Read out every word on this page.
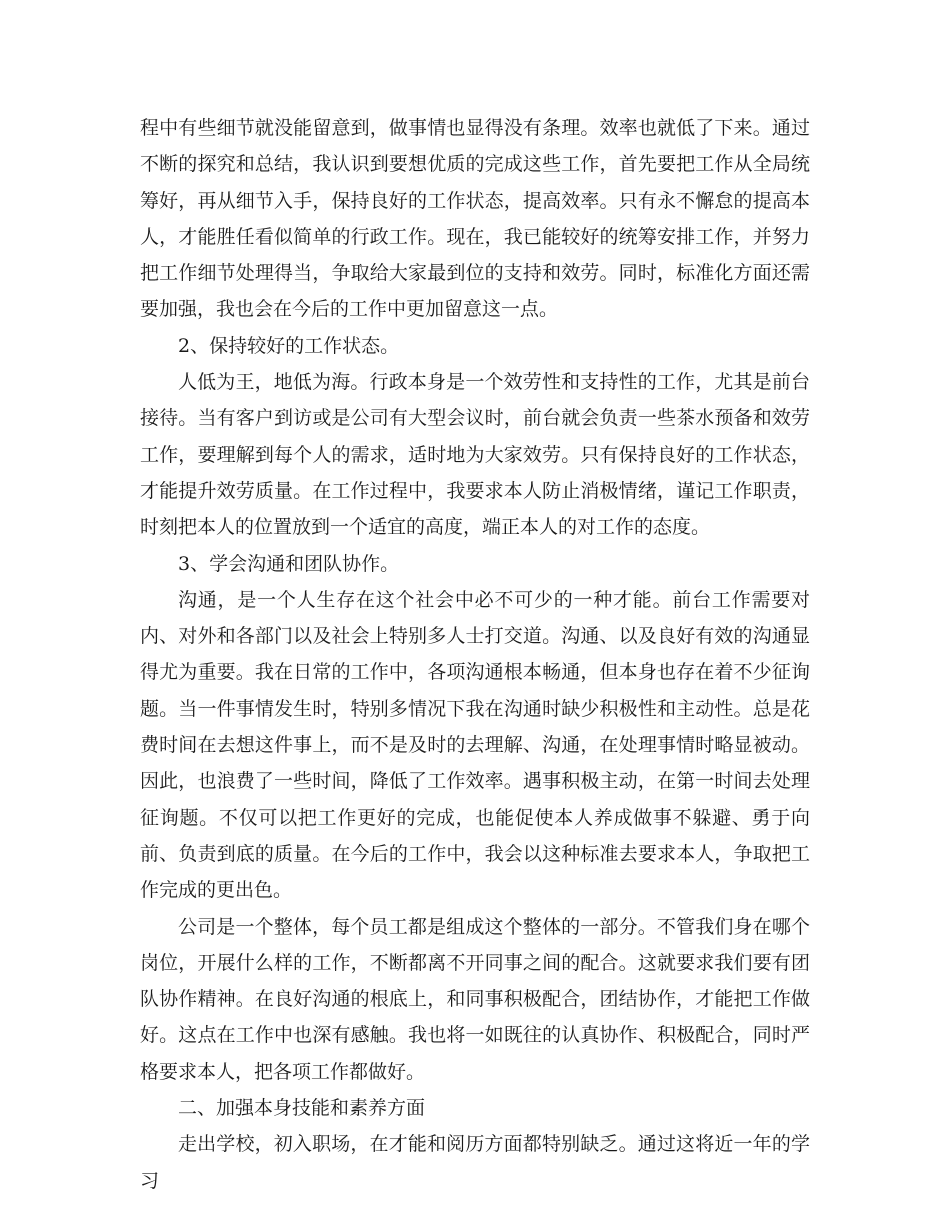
程中有些细节就没能留意到，做事情也显得没有条理。效率也就低了下来。通过不断的探究和总结，我认识到要想优质的完成这些工作，首先要把工作从全局统筹好，再从细节入手，保持良好的工作状态，提高效率。只有永不懈怠的提高本人，才能胜任看似简单的行政工作。现在，我已能较好的统筹安排工作，并努力把工作细节处理得当，争取给大家最到位的支持和效劳。同时，标准化方面还需要加强，我也会在今后的工作中更加留意这一点。

2、保持较好的工作状态。

人低为王，地低为海。行政本身是一个效劳性和支持性的工作，尤其是前台接待。当有客户到访或是公司有大型会议时，前台就会负责一些茶水预备和效劳工作，要理解到每个人的需求，适时地为大家效劳。只有保持良好的工作状态，才能提升效劳质量。在工作过程中，我要求本人防止消极情绪，谨记工作职责，时刻把本人的位置放到一个适宜的高度，端正本人的对工作的态度。

3、学会沟通和团队协作。

沟通，是一个人生存在这个社会中必不可少的一种才能。前台工作需要对内、对外和各部门以及社会上特别多人士打交道。沟通、以及良好有效的沟通显得尤为重要。我在日常的工作中，各项沟通根本畅通，但本身也存在着不少征询题。当一件事情发生时，特别多情况下我在沟通时缺少积极性和主动性。总是花费时间在去想这件事上，而不是及时的去理解、沟通，在处理事情时略显被动。因此，也浪费了一些时间，降低了工作效率。遇事积极主动，在第一时间去处理征询题。不仅可以把工作更好的完成，也能促使本人养成做事不躲避、勇于向前、负责到底的质量。在今后的工作中，我会以这种标准去要求本人，争取把工作完成的更出色。

公司是一个整体，每个员工都是组成这个整体的一部分。不管我们身在哪个岗位，开展什么样的工作，不断都离不开同事之间的配合。这就要求我们要有团队协作精神。在良好沟通的根底上，和同事积极配合，团结协作，才能把工作做好。这点在工作中也深有感触。我也将一如既往的认真协作、积极配合，同时严格要求本人，把各项工作都做好。

二、加强本身技能和素养方面

走出学校，初入职场，在才能和阅历方面都特别缺乏。通过这将近一年的学习
